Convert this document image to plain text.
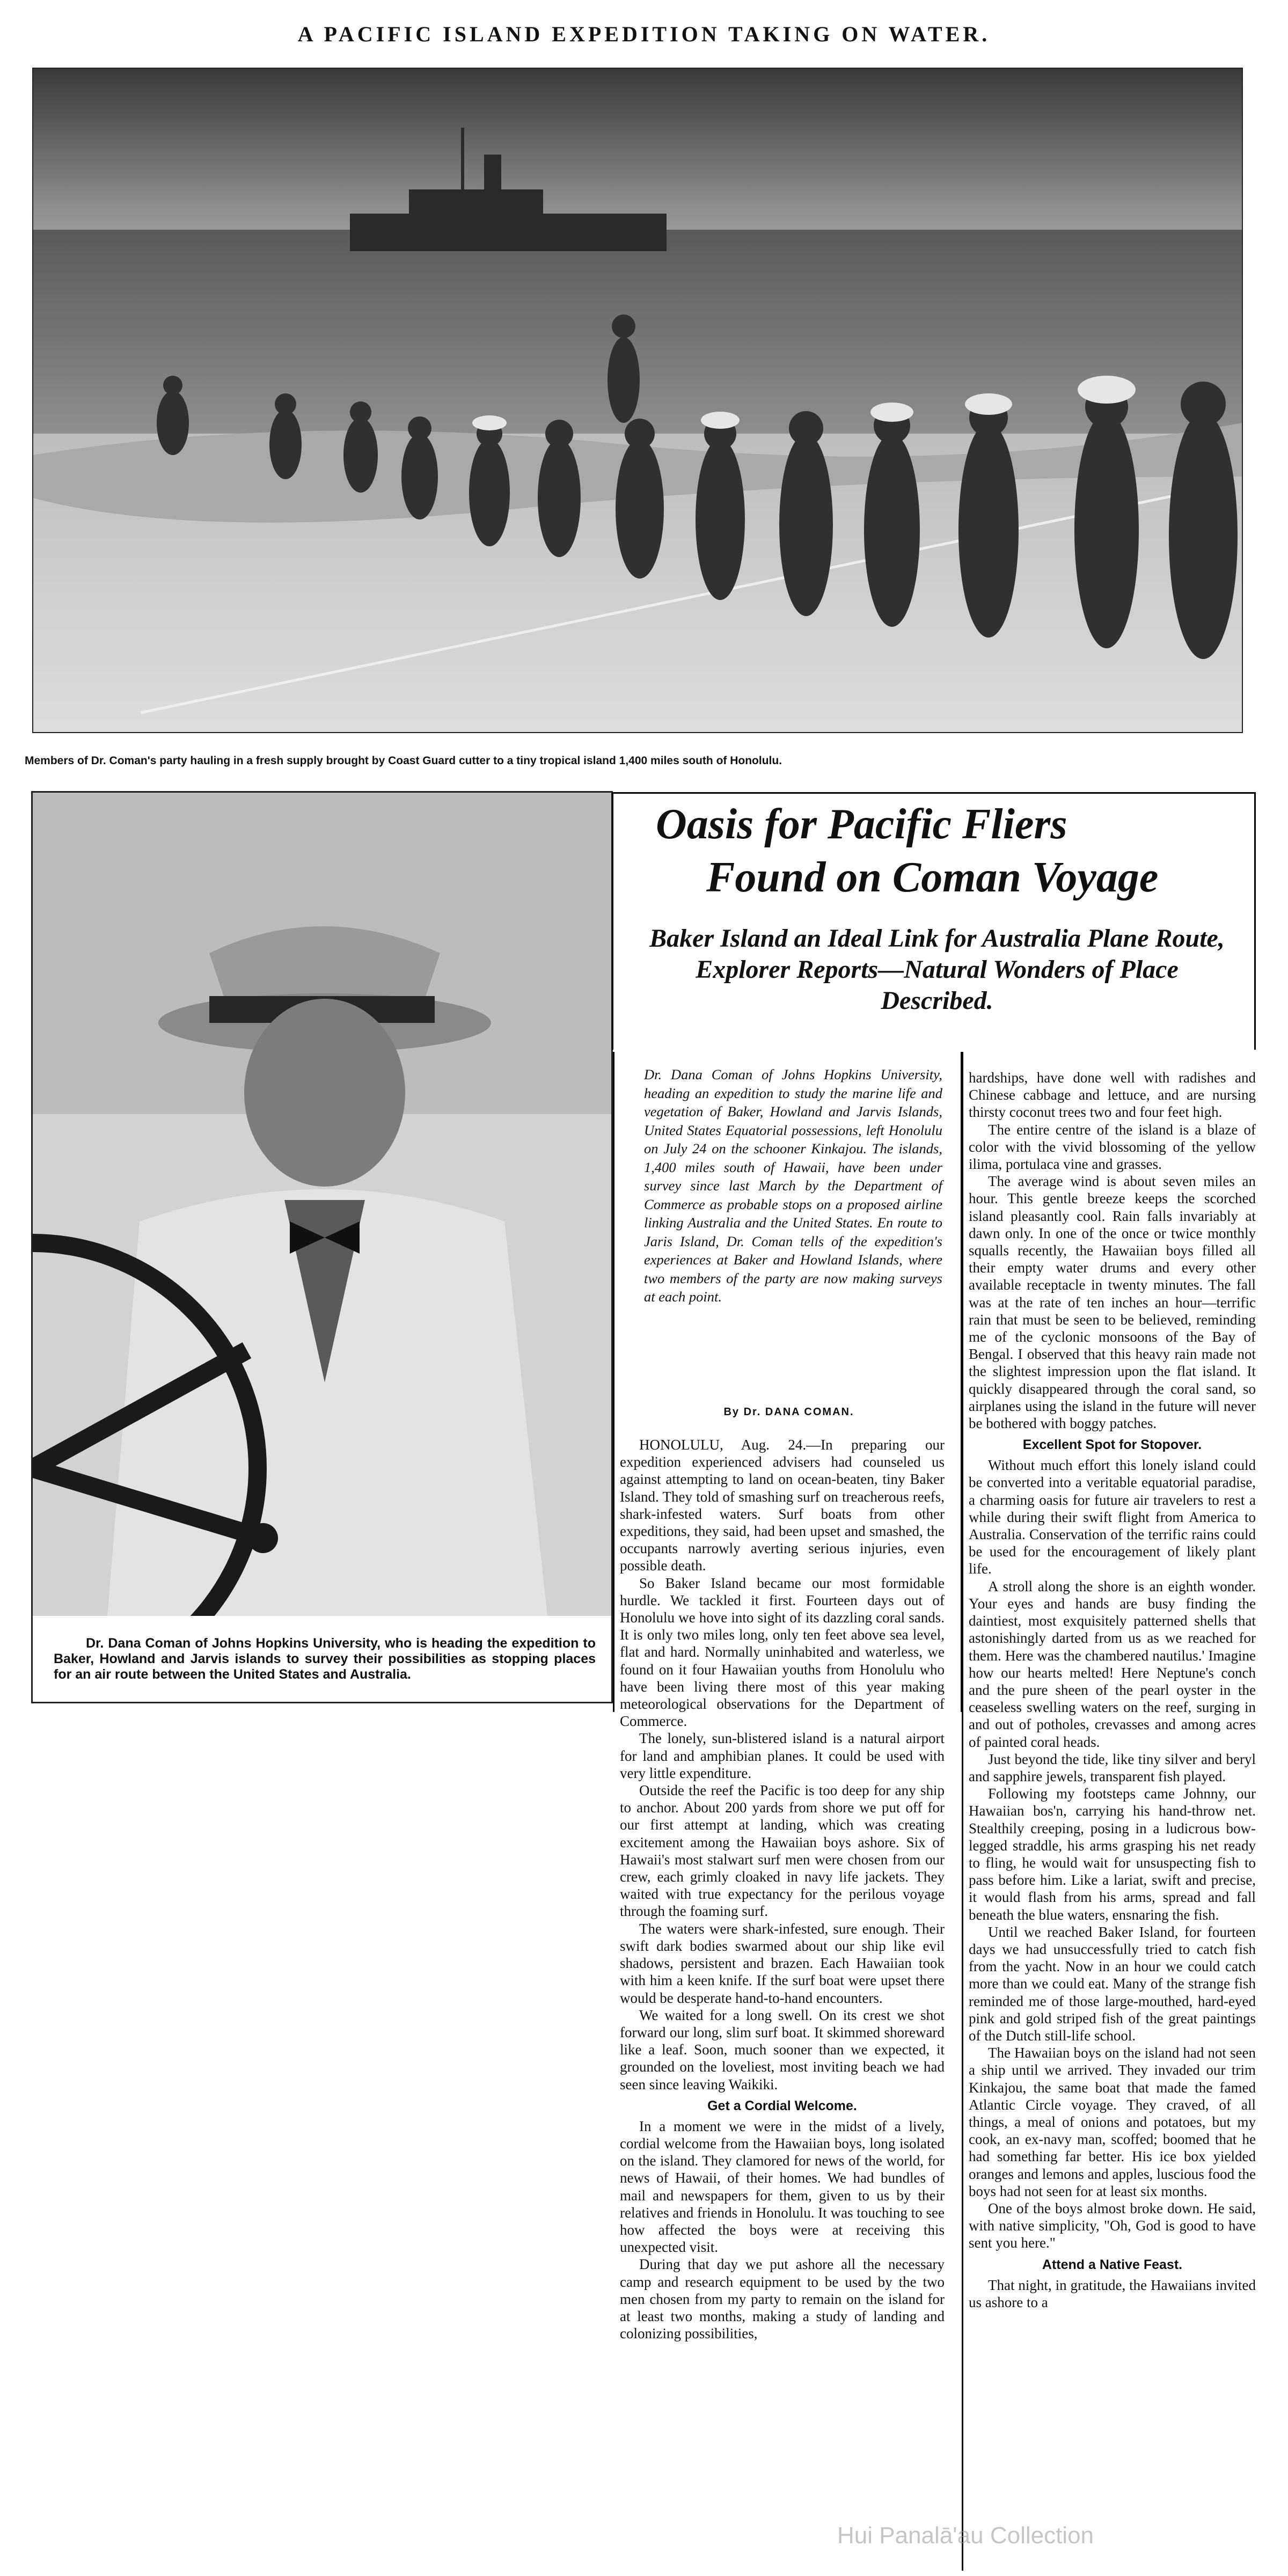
A PACIFIC ISLAND EXPEDITION TAKING ON WATER.
Members of Dr. Coman's party hauling in a fresh supply brought by Coast Guard cutter to a tiny tropical island 1,400 miles south of Honolulu.
Dr. Dana Coman of Johns Hopkins University, who is heading the expedition to Baker, Howland and Jarvis islands to survey their possibilities as stopping places for an air route between the United States and Australia.
Oasis for Pacific Fliers
Found on Coman Voyage
Baker Island an Ideal Link for Australia Plane Route, Explorer Reports—Natural Wonders of Place Described.
Dr. Dana Coman of Johns Hopkins University, heading an expedition to study the marine life and vegetation of Baker, Howland and Jarvis Islands, United States Equatorial possessions, left Honolulu on July 24 on the schooner Kinkajou. The islands, 1,400 miles south of Hawaii, have been under survey since last March by the Department of Commerce as probable stops on a proposed airline linking Australia and the United States. En route to Jaris Island, Dr. Coman tells of the expedition's experiences at Baker and Howland Islands, where two members of the party are now making surveys at each point.
By Dr. DANA COMAN.

HONOLULU, Aug. 24.—In preparing our expedition experienced advisers had counseled us against attempting to land on ocean-beaten, tiny Baker Island. They told of smashing surf on treacherous reefs, shark-infested waters. Surf boats from other expeditions, they said, had been upset and smashed, the occupants narrowly averting serious injuries, even possible death.

So Baker Island became our most formidable hurdle. We tackled it first. Fourteen days out of Honolulu we hove into sight of its dazzling coral sands. It is only two miles long, only ten feet above sea level, flat and hard. Normally uninhabited and waterless, we found on it four Hawaiian youths from Honolulu who have been living there most of this year making meteorological observations for the Department of Commerce.

The lonely, sun-blistered island is a natural airport for land and amphibian planes. It could be used with very little expenditure.

Outside the reef the Pacific is too deep for any ship to anchor. About 200 yards from shore we put off for our first attempt at landing, which was creating excitement among the Hawaiian boys ashore. Six of Hawaii's most stalwart surf men were chosen from our crew, each grimly cloaked in navy life jackets. They waited with true expectancy for the perilous voyage through the foaming surf.

The waters were shark-infested, sure enough. Their swift dark bodies swarmed about our ship like evil shadows, persistent and brazen. Each Hawaiian took with him a keen knife. If the surf boat were upset there would be desperate hand-to-hand encounters.

We waited for a long swell. On its crest we shot forward our long, slim surf boat. It skimmed shoreward like a leaf. Soon, much sooner than we expected, it grounded on the loveliest, most inviting beach we had seen since leaving Waikiki.

Get a Cordial Welcome.

In a moment we were in the midst of a lively, cordial welcome from the Hawaiian boys, long isolated on the island. They clamored for news of the world, for news of Hawaii, of their homes. We had bundles of mail and newspapers for them, given to us by their relatives and friends in Honolulu. It was touching to see how affected the boys were at receiving this unexpected visit.

During that day we put ashore all the necessary camp and research equipment to be used by the two men chosen from my party to remain on the island for at least two months, making a study of landing and colonizing possibilities,

hardships, have done well with radishes and Chinese cabbage and lettuce, and are nursing thirsty coconut trees two and four feet high.

The entire centre of the island is a blaze of color with the vivid blossoming of the yellow ilima, portulaca vine and grasses.

The average wind is about seven miles an hour. This gentle breeze keeps the scorched island pleasantly cool. Rain falls invariably at dawn only. In one of the once or twice monthly squalls recently, the Hawaiian boys filled all their empty water drums and every other available receptacle in twenty minutes. The fall was at the rate of ten inches an hour—terrific rain that must be seen to be believed, reminding me of the cyclonic monsoons of the Bay of Bengal. I observed that this heavy rain made not the slightest impression upon the flat island. It quickly disappeared through the coral sand, so airplanes using the island in the future will never be bothered with boggy patches.

Excellent Spot for Stopover.

Without much effort this lonely island could be converted into a veritable equatorial paradise, a charming oasis for future air travelers to rest a while during their swift flight from America to Australia. Conservation of the terrific rains could be used for the encouragement of likely plant life.

A stroll along the shore is an eighth wonder. Your eyes and hands are busy finding the daintiest, most exquisitely patterned shells that astonishingly darted from us as we reached for them. Here was the chambered nautilus.' Imagine how our hearts melted! Here Neptune's conch and the pure sheen of the pearl oyster in the ceaseless swelling waters on the reef, surging in and out of potholes, crevasses and among acres of painted coral heads.

Just beyond the tide, like tiny silver and beryl and sapphire jewels, transparent fish played.

Following my footsteps came Johnny, our Hawaiian bos'n, carrying his hand-throw net. Stealthily creeping, posing in a ludicrous bow-legged straddle, his arms grasping his net ready to fling, he would wait for unsuspecting fish to pass before him. Like a lariat, swift and precise, it would flash from his arms, spread and fall beneath the blue waters, ensnaring the fish.

Until we reached Baker Island, for fourteen days we had unsuccessfully tried to catch fish from the yacht. Now in an hour we could catch more than we could eat. Many of the strange fish reminded me of those large-mouthed, hard-eyed pink and gold striped fish of the great paintings of the Dutch still-life school.

The Hawaiian boys on the island had not seen a ship until we arrived. They invaded our trim Kinkajou, the same boat that made the famed Atlantic Circle voyage. They craved, of all things, a meal of onions and potatoes, but my cook, an ex-navy man, scoffed; boomed that he had something far better. His ice box yielded oranges and lemons and apples, luscious food the boys had not seen for at least six months.

One of the boys almost broke down. He said, with native simplicity, "Oh, God is good to have sent you here."

Attend a Native Feast.

That night, in gratitude, the Hawaiians invited us ashore to a

Hui Panalā'au Collection
